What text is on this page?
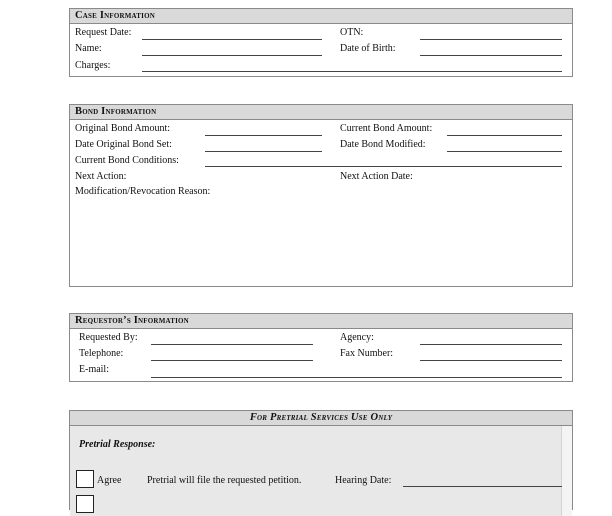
Case Information
Request Date:	OTN:
Name:	Date of Birth:
Charges:
Bond Information
Original Bond Amount:	Current Bond Amount:
Date Original Bond Set:	Date Bond Modified:
Current Bond Conditions:
Next Action:	Next Action Date:
Modification/Revocation Reason:
Requestor’s Information
Requested By:	Agency:
Telephone:	Fax Number:
E-mail:
For Pretrial Services Use Only
Pretrial Response:
Agree	Pretrial will file the requested petition.	Hearing Date:
